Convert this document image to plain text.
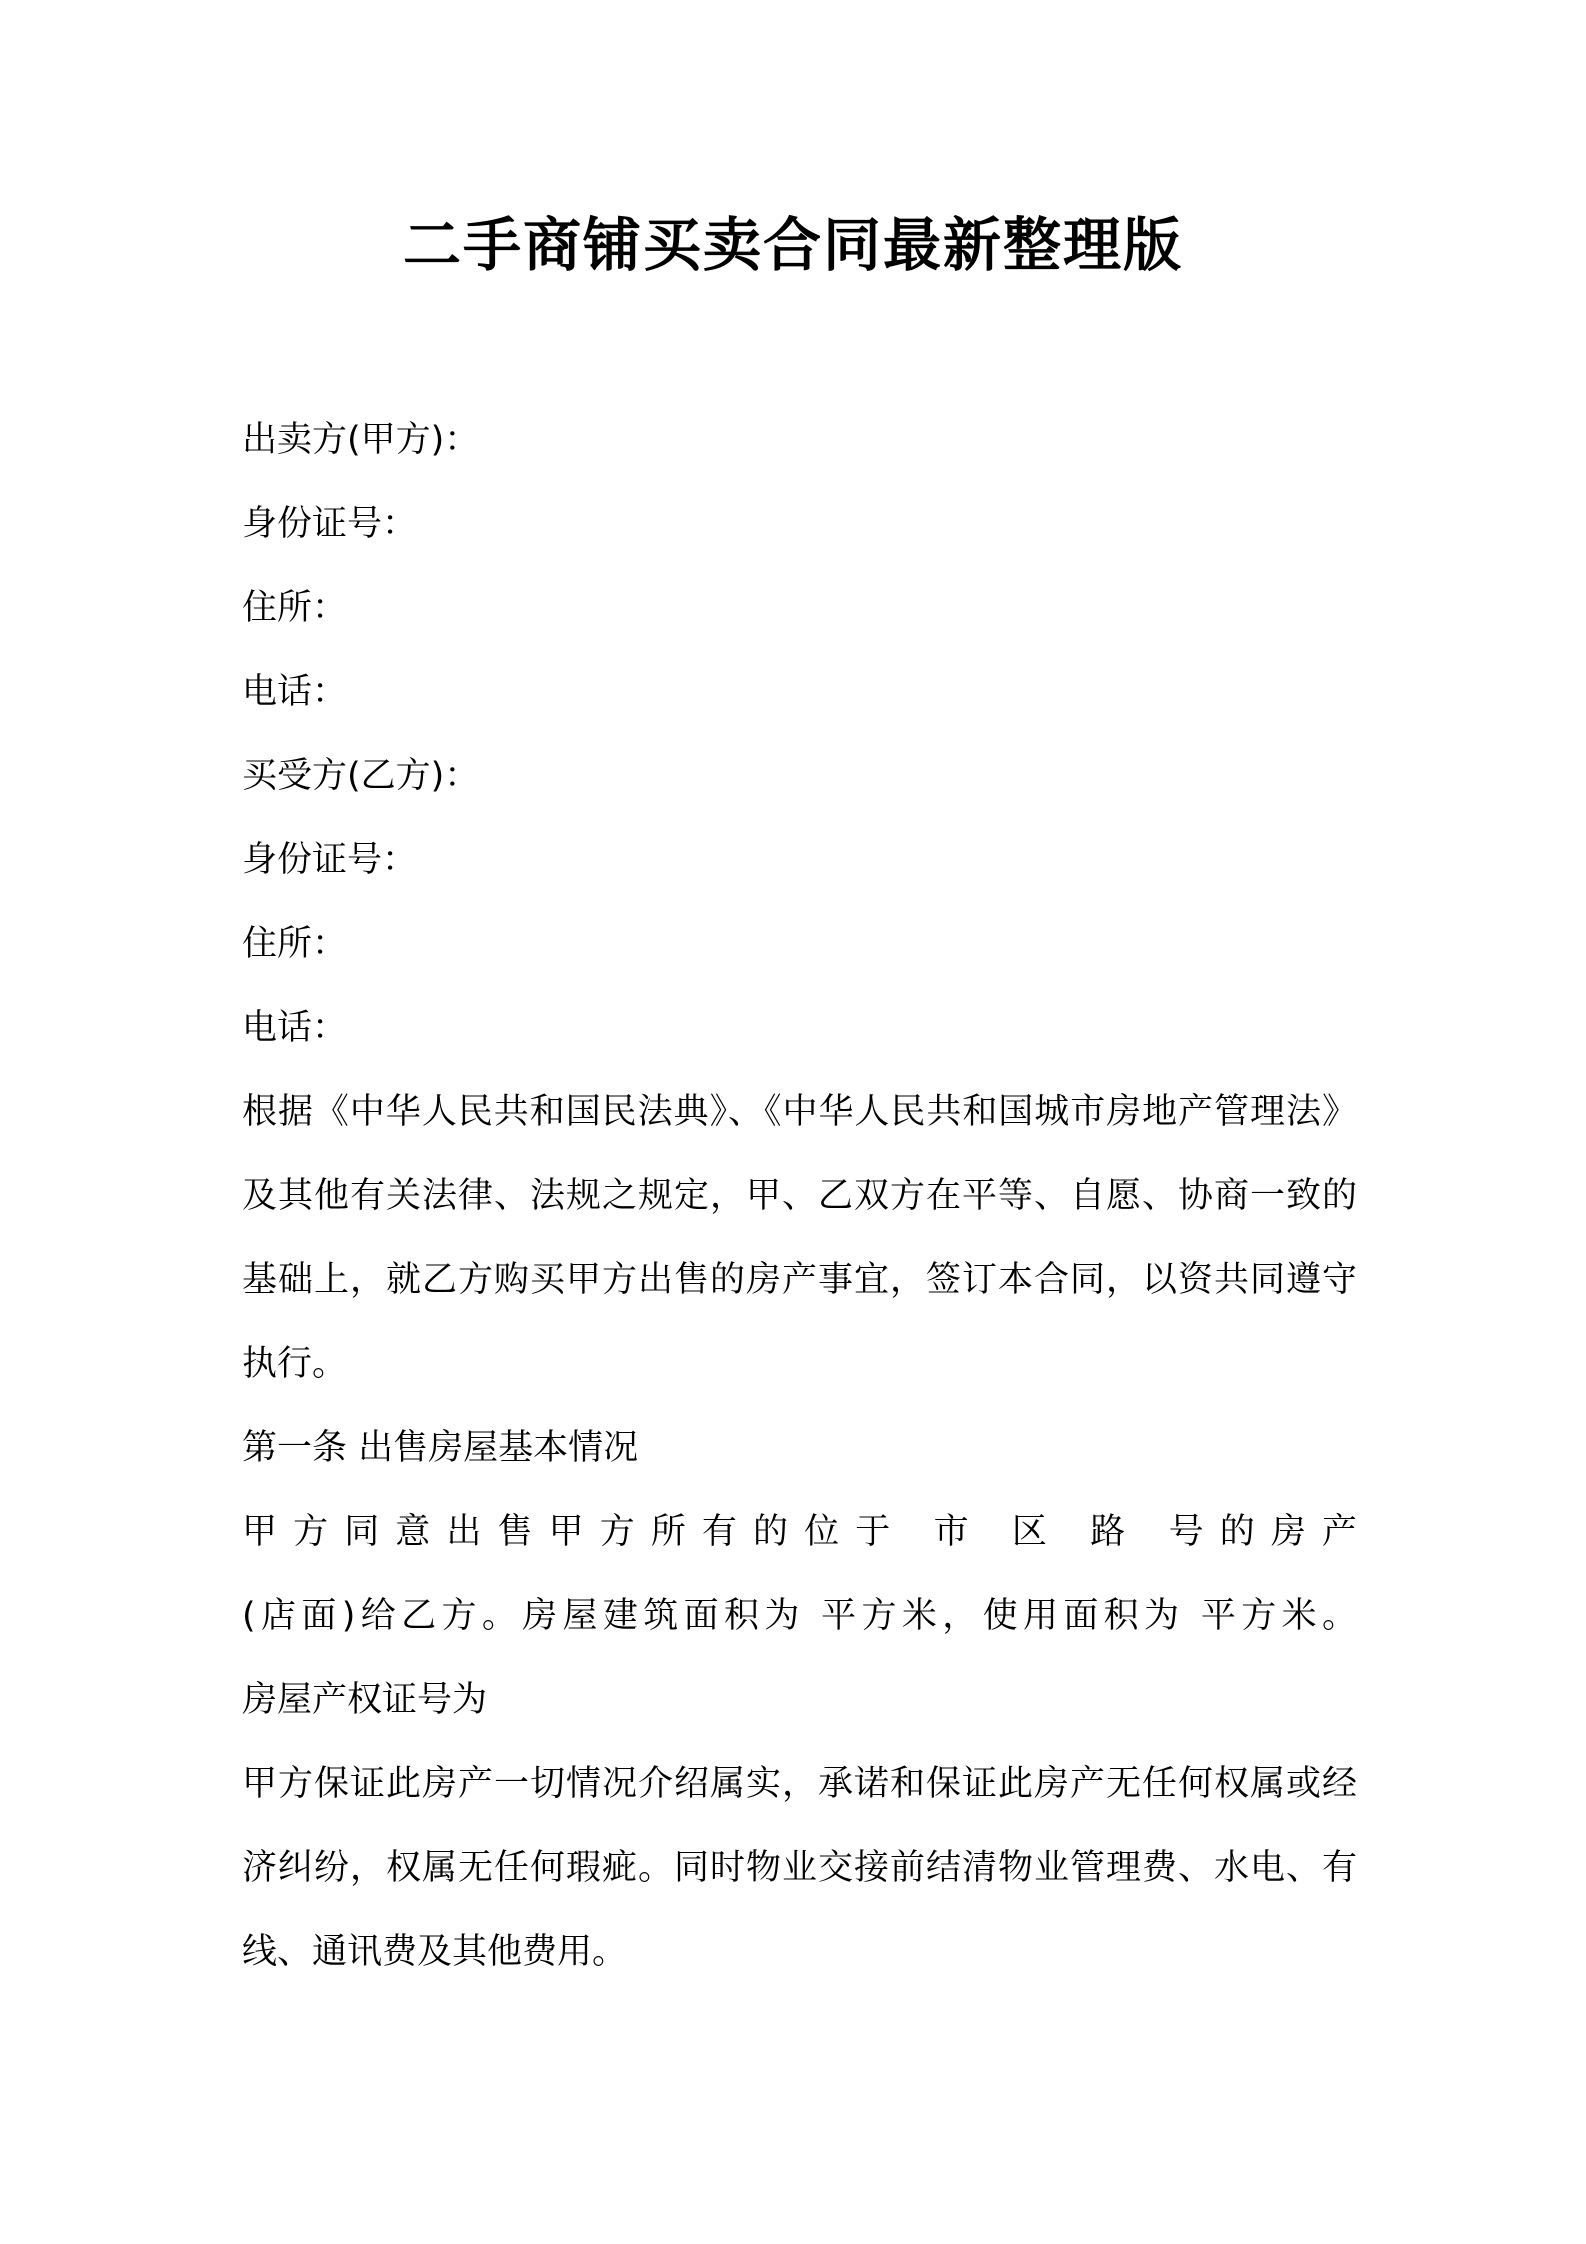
二手商铺买卖合同最新整理版
出卖方(甲方)：
身份证号：
住所：
电话：
买受方(乙方)：
身份证号：
住所：
电话：
根据《中华人民共和国民法典》、《中华人民共和国城市房地产管理法》及其他有关法律、法规之规定，甲、乙双方在平等、自愿、协商一致的基础上，就乙方购买甲方出售的房产事宜，签订本合同，以资共同遵守执行。
第一条 出售房屋基本情况
甲方同意出售甲方所有的位于 市 区 路 号的房产
(店面)给乙方。房屋建筑面积为 平方米，使用面积为 平方米。
房屋产权证号为
甲方保证此房产一切情况介绍属实，承诺和保证此房产无任何权属或经济纠纷，权属无任何瑕疵。同时物业交接前结清物业管理费、水电、有线、通讯费及其他费用。
